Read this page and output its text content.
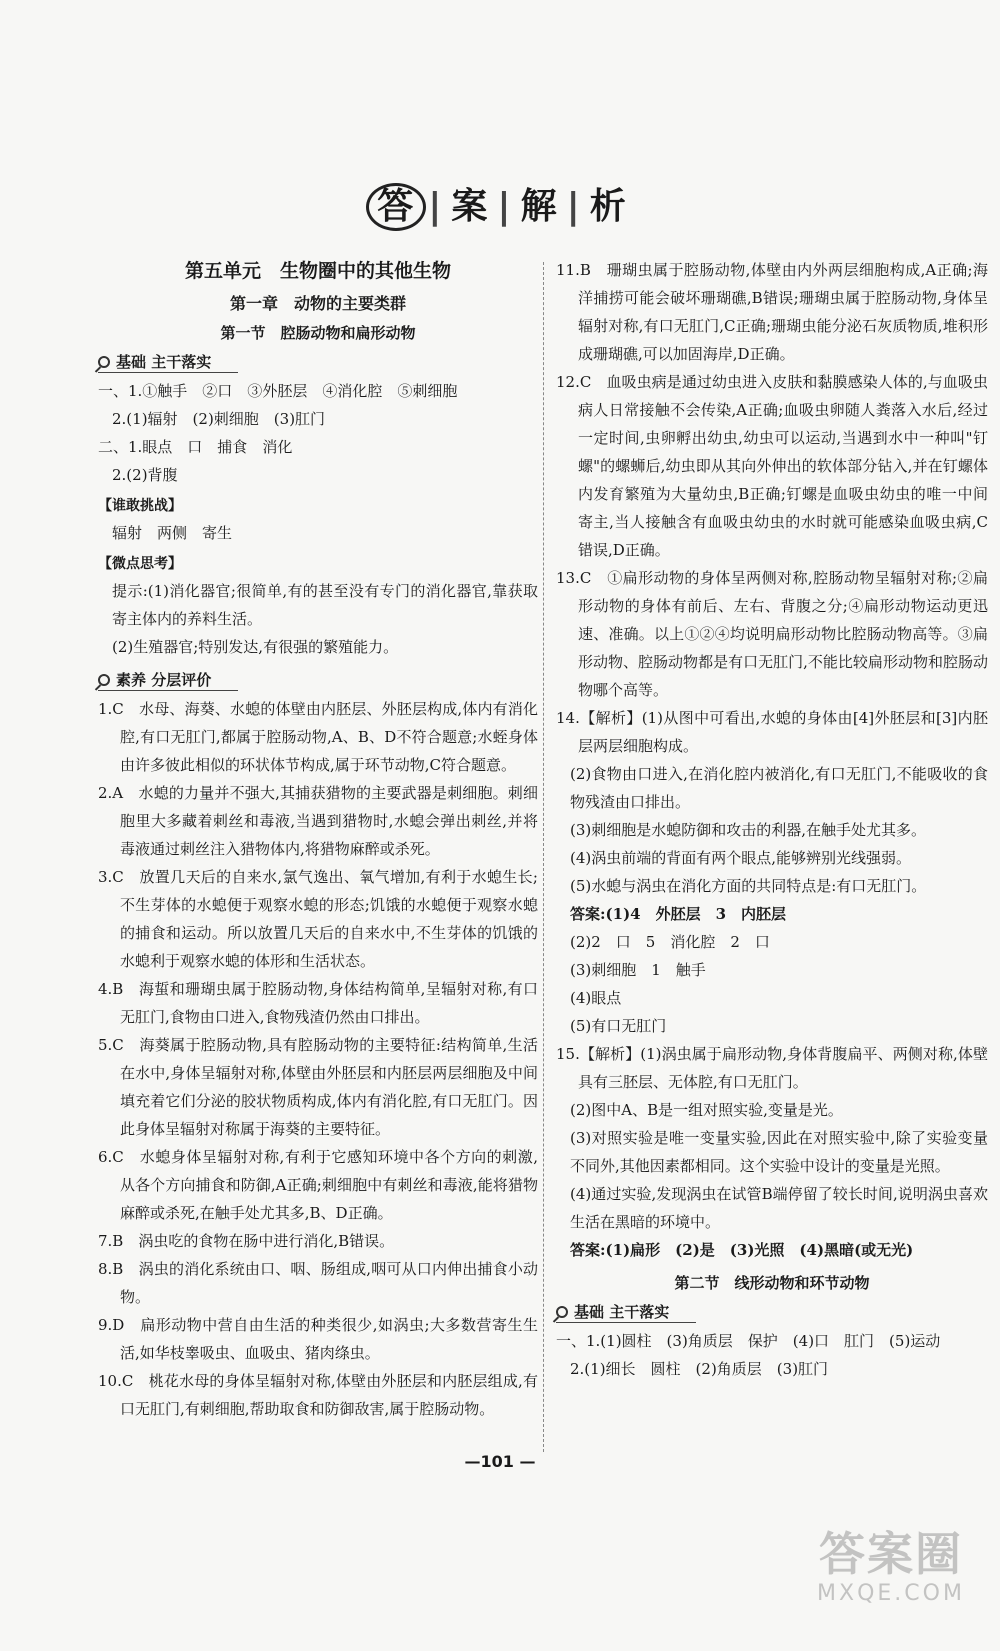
答 | 案 | 解 | 析
第五单元　生物圈中的其他生物
第一章　动物的主要类群
第一节　腔肠动物和扁形动物
基础 主干落实

一、1.①触手　②口　③外胚层　④消化腔　⑤刺细胞

2.(1)辐射　(2)刺细胞　(3)肛门

二、1.眼点　口　捕食　消化

2.(2)背腹

【谁敢挑战】

辐射　两侧　寄生

【微点思考】

提示:(1)消化器官;很简单,有的甚至没有专门的消化器官,靠获取寄主体内的养料生活。

(2)生殖器官;特别发达,有很强的繁殖能力。

素养 分层评价

1.C　水母、海葵、水螅的体壁由内胚层、外胚层构成,体内有消化腔,有口无肛门,都属于腔肠动物,A、B、D不符合题意;水蛭身体由许多彼此相似的环状体节构成,属于环节动物,C符合题意。

2.A　水螅的力量并不强大,其捕获猎物的主要武器是刺细胞。刺细胞里大多藏着刺丝和毒液,当遇到猎物时,水螅会弹出刺丝,并将毒液通过刺丝注入猎物体内,将猎物麻醉或杀死。

3.C　放置几天后的自来水,氯气逸出、氧气增加,有利于水螅生长;不生芽体的水螅便于观察水螅的形态;饥饿的水螅便于观察水螅的捕食和运动。所以放置几天后的自来水中,不生芽体的饥饿的水螅利于观察水螅的体形和生活状态。

4.B　海蜇和珊瑚虫属于腔肠动物,身体结构简单,呈辐射对称,有口无肛门,食物由口进入,食物残渣仍然由口排出。

5.C　海葵属于腔肠动物,具有腔肠动物的主要特征:结构简单,生活在水中,身体呈辐射对称,体壁由外胚层和内胚层两层细胞及中间填充着它们分泌的胶状物质构成,体内有消化腔,有口无肛门。因此身体呈辐射对称属于海葵的主要特征。

6.C　水螅身体呈辐射对称,有利于它感知环境中各个方向的刺激,从各个方向捕食和防御,A正确;刺细胞中有刺丝和毒液,能将猎物麻醉或杀死,在触手处尤其多,B、D正确。

7.B　涡虫吃的食物在肠中进行消化,B错误。

8.B　涡虫的消化系统由口、咽、肠组成,咽可从口内伸出捕食小动物。

9.D　扁形动物中营自由生活的种类很少,如涡虫;大多数营寄生生活,如华枝睾吸虫、血吸虫、猪肉绦虫。

10.C　桃花水母的身体呈辐射对称,体壁由外胚层和内胚层组成,有口无肛门,有刺细胞,帮助取食和防御敌害,属于腔肠动物。

11.B　珊瑚虫属于腔肠动物,体壁由内外两层细胞构成,A正确;海洋捕捞可能会破坏珊瑚礁,B错误;珊瑚虫属于腔肠动物,身体呈辐射对称,有口无肛门,C正确;珊瑚虫能分泌石灰质物质,堆积形成珊瑚礁,可以加固海岸,D正确。

12.C　血吸虫病是通过幼虫进入皮肤和黏膜感染人体的,与血吸虫病人日常接触不会传染,A正确;血吸虫卵随人粪落入水后,经过一定时间,虫卵孵出幼虫,幼虫可以运动,当遇到水中一种叫"钉螺"的螺蛳后,幼虫即从其向外伸出的软体部分钻入,并在钉螺体内发育繁殖为大量幼虫,B正确;钉螺是血吸虫幼虫的唯一中间寄主,当人接触含有血吸虫幼虫的水时就可能感染血吸虫病,C错误,D正确。

13.C　①扁形动物的身体呈两侧对称,腔肠动物呈辐射对称;②扁形动物的身体有前后、左右、背腹之分;④扁形动物运动更迅速、准确。以上①②④均说明扁形动物比腔肠动物高等。③扁形动物、腔肠动物都是有口无肛门,不能比较扁形动物和腔肠动物哪个高等。

14.【解析】(1)从图中可看出,水螅的身体由[4]外胚层和[3]内胚层两层细胞构成。

(2)食物由口进入,在消化腔内被消化,有口无肛门,不能吸收的食物残渣由口排出。

(3)刺细胞是水螅防御和攻击的利器,在触手处尤其多。

(4)涡虫前端的背面有两个眼点,能够辨别光线强弱。

(5)水螅与涡虫在消化方面的共同特点是:有口无肛门。

答案:(1)4　外胚层　3　内胚层

(2)2　口　5　消化腔　2　口

(3)刺细胞　1　触手

(4)眼点

(5)有口无肛门

15.【解析】(1)涡虫属于扁形动物,身体背腹扁平、两侧对称,体壁具有三胚层、无体腔,有口无肛门。

(2)图中A、B是一组对照实验,变量是光。

(3)对照实验是唯一变量实验,因此在对照实验中,除了实验变量不同外,其他因素都相同。这个实验中设计的变量是光照。

(4)通过实验,发现涡虫在试管B端停留了较长时间,说明涡虫喜欢生活在黑暗的环境中。

答案:(1)扁形　(2)是　(3)光照　(4)黑暗(或无光)

第二节　线形动物和环节动物
基础 主干落实

一、1.(1)圆柱　(3)角质层　保护　(4)口　肛门　(5)运动

2.(1)细长　圆柱　(2)角质层　(3)肛门

—101 —
答案圈
MXQE.COM
